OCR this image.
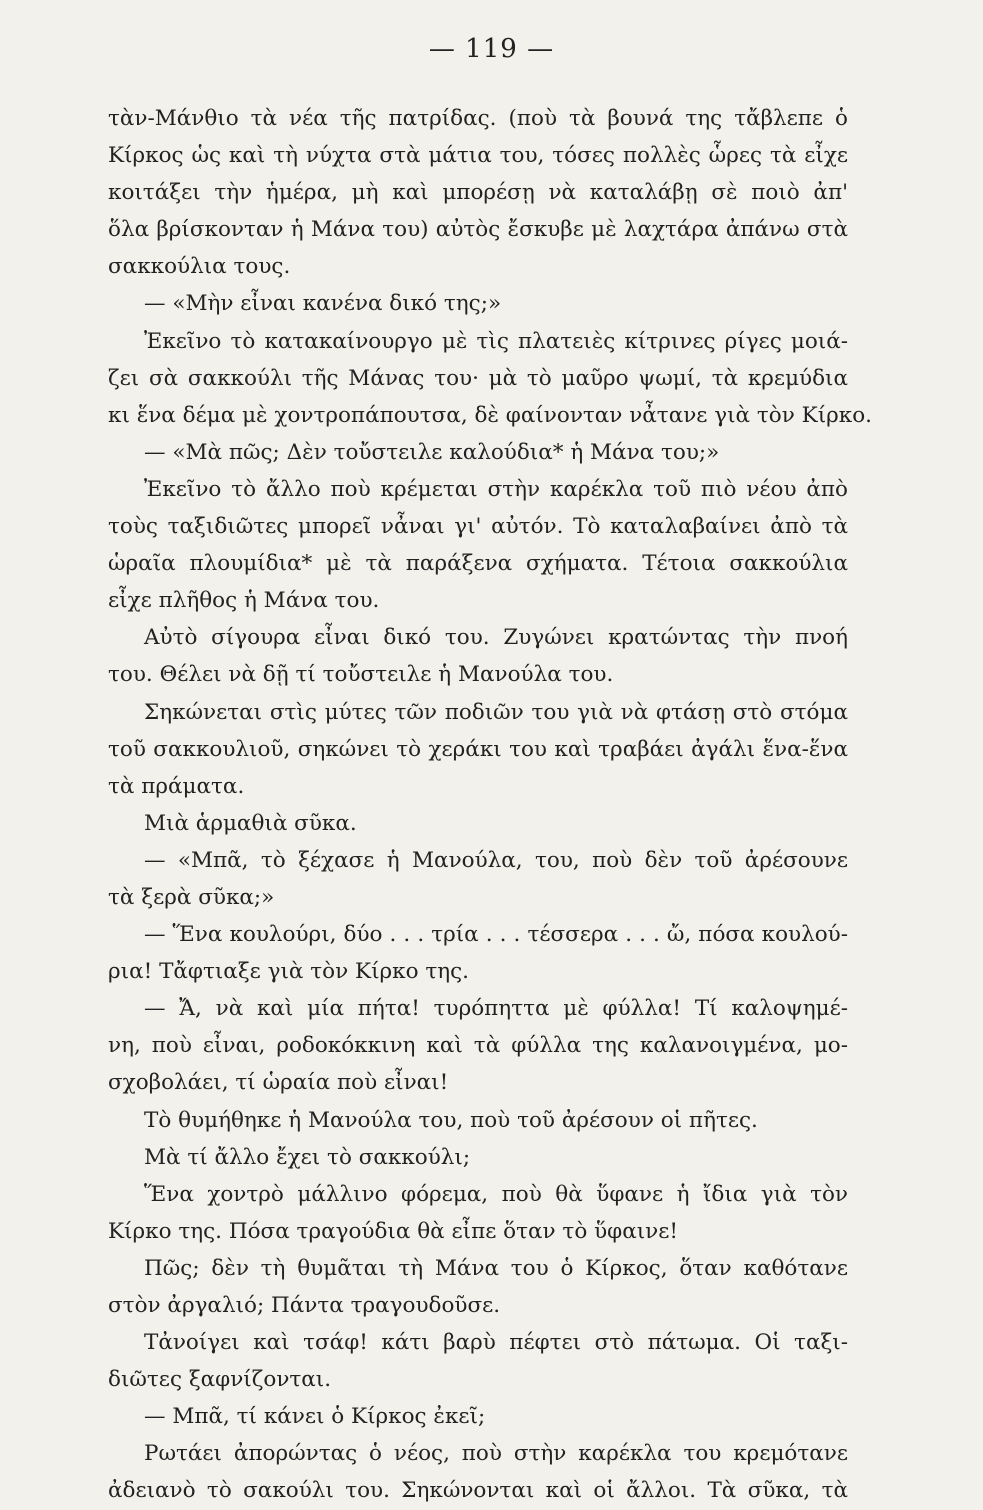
— 119 —
τὰν-Μάνθιο τὰ νέα τῆς πατρίδας. (ποὺ τὰ βουνά της τἄβλεπε ὁ
Κίρκος ὡς καὶ τὴ νύχτα στὰ μάτια του, τόσες πολλὲς ὧρες τὰ εἶχε
κοιτάξει τὴν ἡμέρα, μὴ καὶ μπορέσῃ νὰ καταλάβῃ σὲ ποιὸ ἀπ'
ὅλα βρίσκονταν ἡ Μάνα του) αὐτὸς ἔσκυβε μὲ λαχτάρα ἀπάνω στὰ
σακκούλια τους.
— «Μὴν εἶναι κανένα δικό της;»
Ἐκεῖνο τὸ κατακαίνουργο μὲ τὶς πλατειὲς κίτρινες ρίγες μοιά-
ζει σὰ σακκούλι τῆς Μάνας του· μὰ τὸ μαῦρο ψωμί, τὰ κρεμύδια
κι ἕνα δέμα μὲ χοντροπάπουτσα, δὲ φαίνονταν νἆτανε γιὰ τὸν Κίρκο.
— «Μὰ πῶς; Δὲν τοὔστειλε καλούδια* ἡ Μάνα του;»
Ἐκεῖνο τὸ ἄλλο ποὺ κρέμεται στὴν καρέκλα τοῦ πιὸ νέου ἀπὸ
τοὺς ταξιδιῶτες μπορεῖ νἆναι γι' αὐτόν. Τὸ καταλαβαίνει ἀπὸ τὰ
ὡραῖα πλουμίδια* μὲ τὰ παράξενα σχήματα. Τέτοια σακκούλια
εἶχε πλῆθος ἡ Μάνα του.
Αὐτὸ σίγουρα εἶναι δικό του. Ζυγώνει κρατώντας τὴν πνοή
του. Θέλει νὰ δῇ τί τοὔστειλε ἡ Μανούλα του.
Σηκώνεται στὶς μύτες τῶν ποδιῶν του γιὰ νὰ φτάσῃ στὸ στόμα
τοῦ σακκουλιοῦ, σηκώνει τὸ χεράκι του καὶ τραβάει ἀγάλι ἕνα-ἕνα
τὰ πράματα.
Μιὰ ἁρμαθιὰ σῦκα.
— «Μπᾶ, τὸ ξέχασε ἡ Μανούλα, του, ποὺ δὲν τοῦ ἀρέσουνε
τὰ ξερὰ σῦκα;»
— Ἕνα κουλούρι, δύο . . . τρία . . . τέσσερα . . . ὤ, πόσα κουλού-
ρια! Τἄφτιαξε γιὰ τὸν Κίρκο της.
— Ἄ, νὰ καὶ μία πήτα! τυρόπηττα μὲ φύλλα! Τί καλοψημέ-
νη, ποὺ εἶναι, ροδοκόκκινη καὶ τὰ φύλλα της καλανοιγμένα, μο-
σχοβολάει, τί ὡραία ποὺ εἶναι!
Τὸ θυμήθηκε ἡ Μανούλα του, ποὺ τοῦ ἀρέσουν οἱ πῆτες.
Μὰ τί ἄλλο ἔχει τὸ σακκούλι;
Ἕνα χοντρὸ μάλλινο φόρεμα, ποὺ θὰ ὕφανε ἡ ἴδια γιὰ τὸν
Κίρκο της. Πόσα τραγούδια θὰ εἶπε ὅταν τὸ ὕφαινε!
Πῶς; δὲν τὴ θυμᾶται τὴ Μάνα του ὁ Κίρκος, ὅταν καθότανε
στὸν ἀργαλιό; Πάντα τραγουδοῦσε.
Τἀνοίγει καὶ τσάφ! κάτι βαρὺ πέφτει στὸ πάτωμα. Οἱ ταξι-
διῶτες ξαφνίζονται.
— Μπᾶ, τί κάνει ὁ Κίρκος ἐκεῖ;
Ρωτάει ἀπορώντας ὁ νέος, ποὺ στὴν καρέκλα του κρεμότανε
ἀδειανὸ τὸ σακούλι του. Σηκώνονται καὶ οἱ ἄλλοι. Τὰ σῦκα, τὰ
